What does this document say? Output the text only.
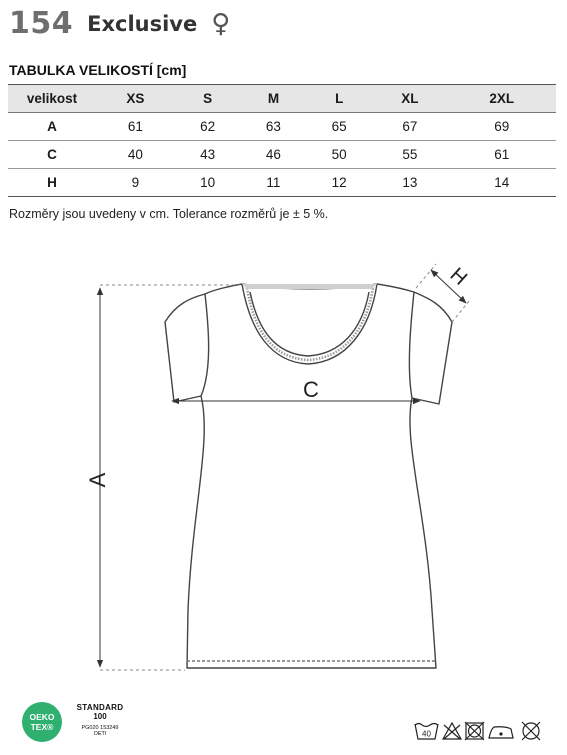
154 Exclusive ♀
TABULKA VELIKOSTÍ [cm]
velikost	XS	S	M	L	XL	2XL
A	61	62	63	65	67	69
C	40	43	46	50	55	61
H	9	10	11	12	13	14
Rozměry jsou uvedeny v cm. Tolerance rozměrů je ± 5 %.
A
C
H
OEKO
TEX®
STANDARD
100
PG020 153249
OETI	40
